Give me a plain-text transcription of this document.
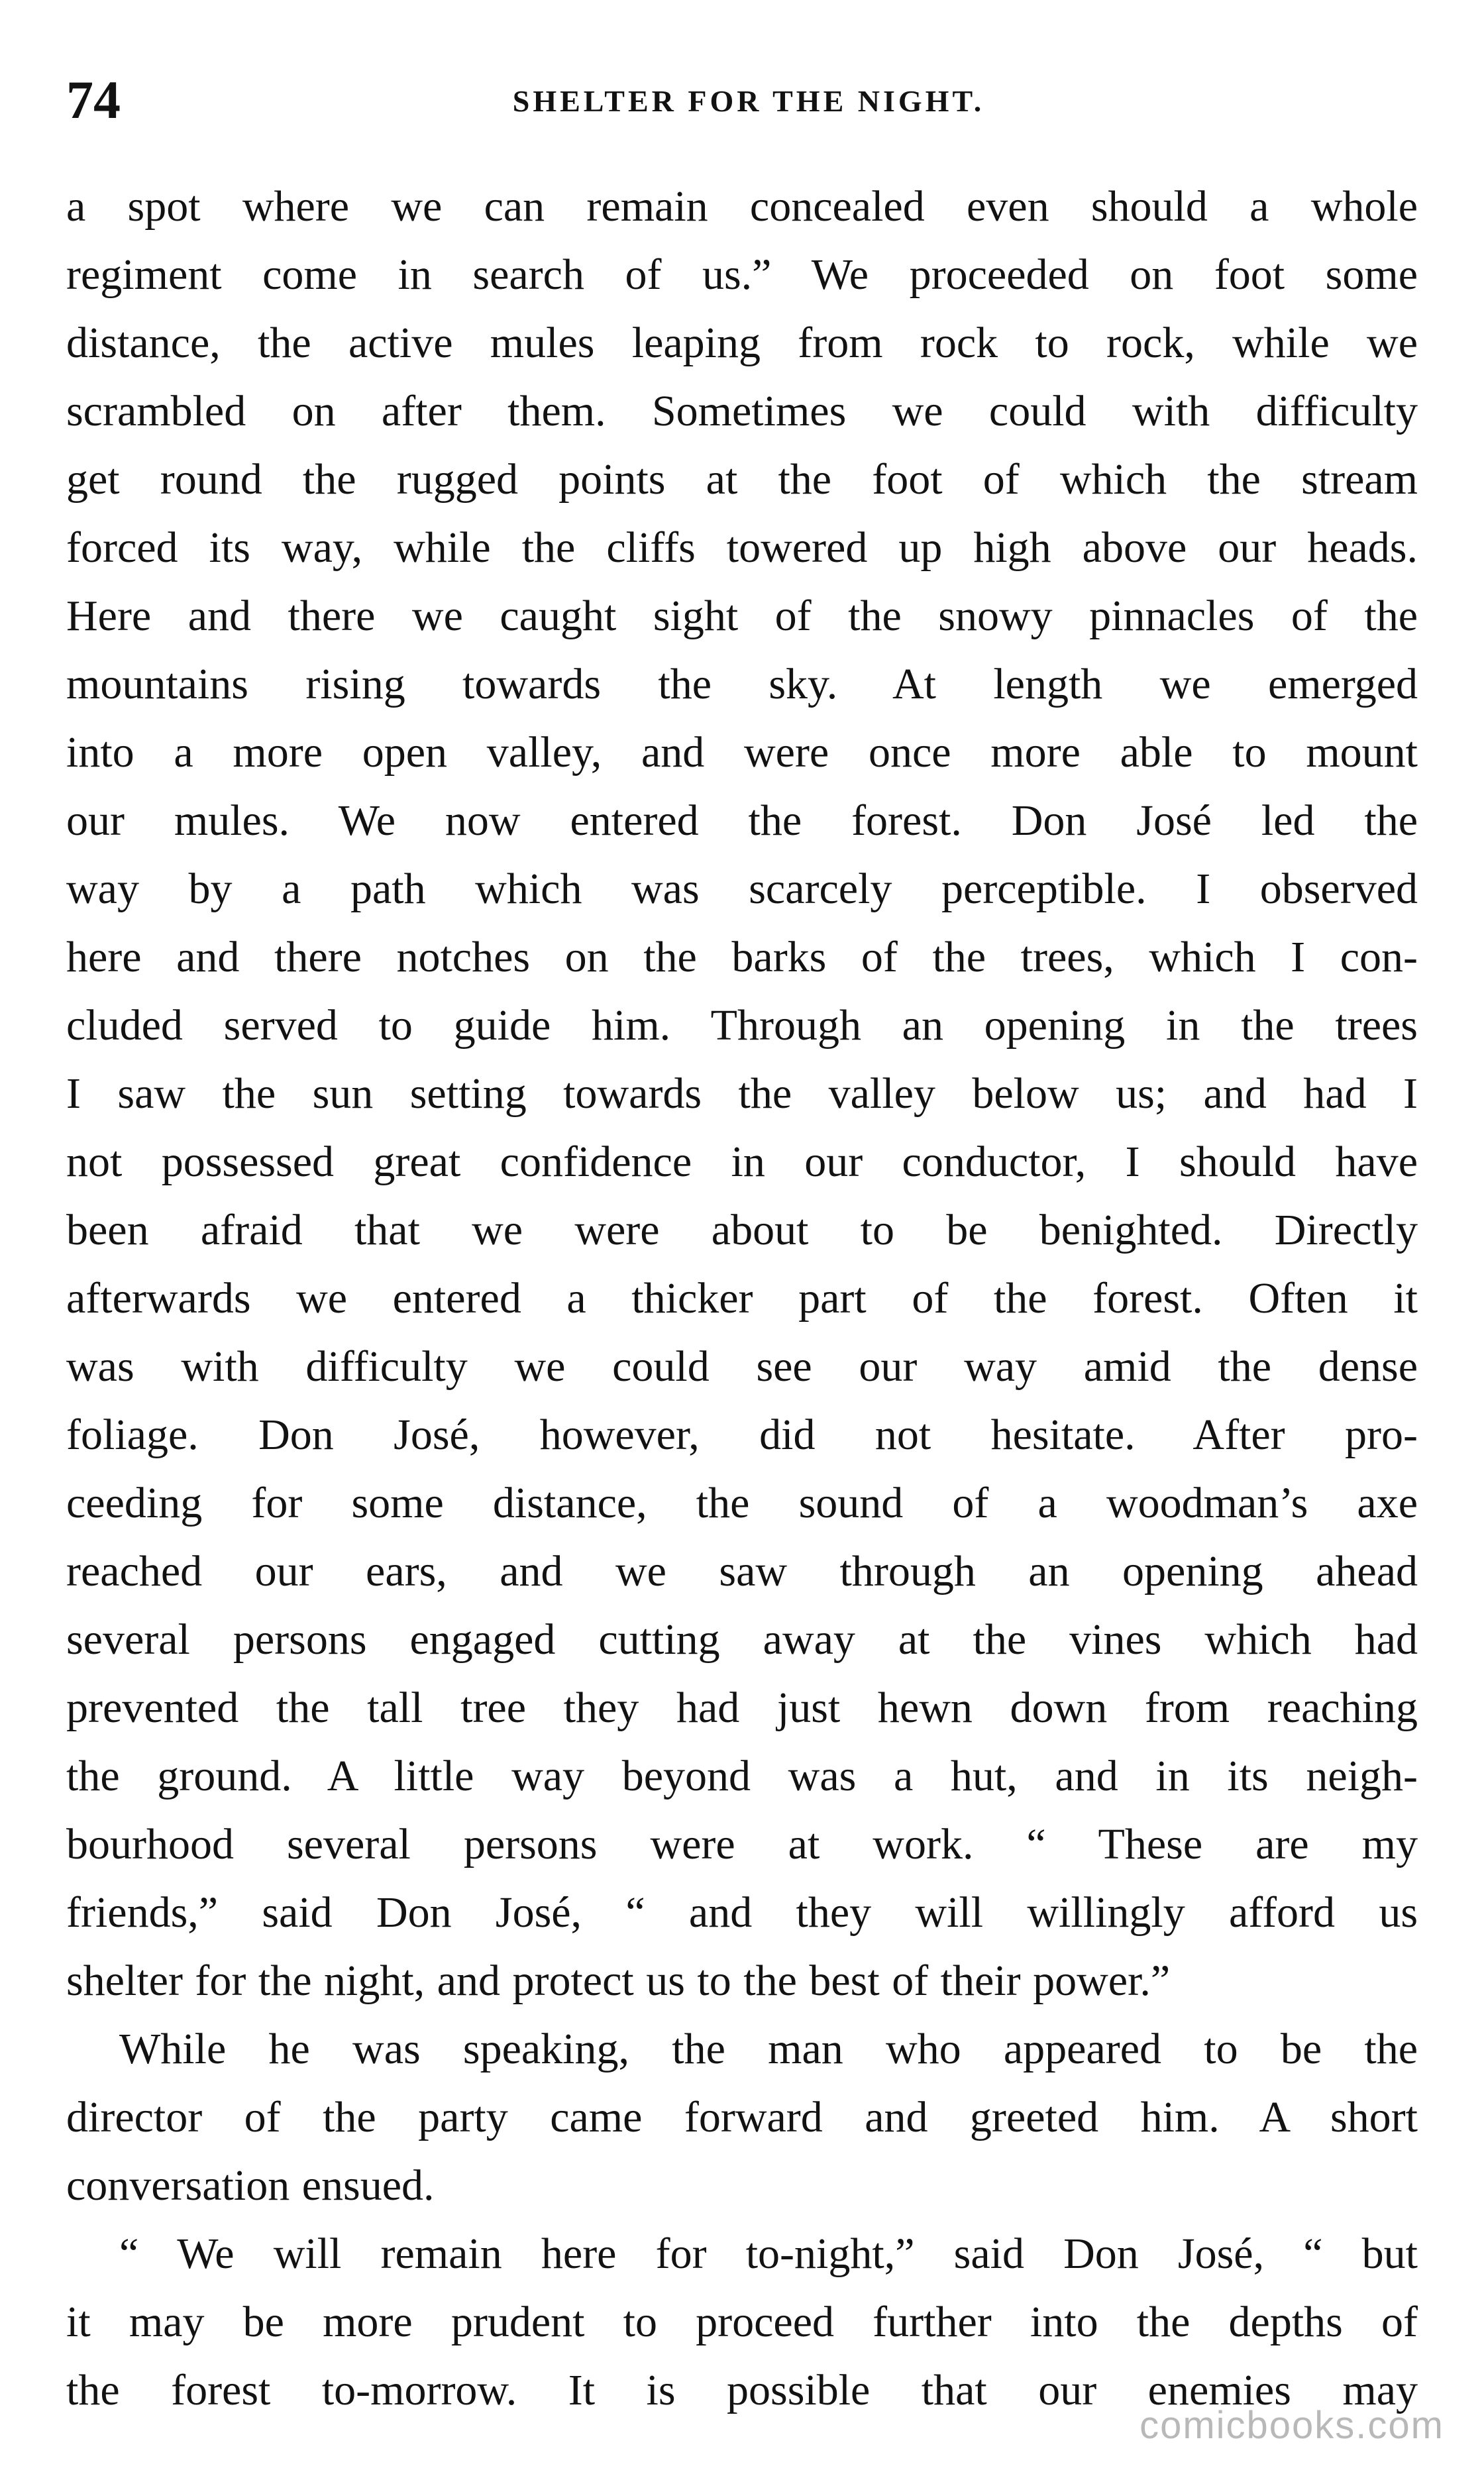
74	SHELTER FOR THE NIGHT.
a spot where we can remain concealed even should a whole
regiment come in search of us.” We proceeded on foot some
distance, the active mules leaping from rock to rock, while we
scrambled on after them. Sometimes we could with difficulty
get round the rugged points at the foot of which the stream
forced its way, while the cliffs towered up high above our heads.
Here and there we caught sight of the snowy pinnacles of the
mountains rising towards the sky. At length we emerged
into a more open valley, and were once more able to mount
our mules. We now entered the forest. Don José led the
way by a path which was scarcely perceptible. I observed
here and there notches on the barks of the trees, which I con-
cluded served to guide him. Through an opening in the trees
I saw the sun setting towards the valley below us; and had I
not possessed great confidence in our conductor, I should have
been afraid that we were about to be benighted. Directly
afterwards we entered a thicker part of the forest. Often it
was with difficulty we could see our way amid the dense
foliage. Don José, however, did not hesitate. After pro-
ceeding for some distance, the sound of a woodman’s axe
reached our ears, and we saw through an opening ahead
several persons engaged cutting away at the vines which had
prevented the tall tree they had just hewn down from reaching
the ground. A little way beyond was a hut, and in its neigh-
bourhood several persons were at work. “ These are my
friends,” said Don José, “ and they will willingly afford us
shelter for the night, and protect us to the best of their power.”
While he was speaking, the man who appeared to be the
director of the party came forward and greeted him. A short
conversation ensued.
“ We will remain here for to-night,” said Don José, “ but
it may be more prudent to proceed further into the depths of
the forest to-morrow. It is possible that our enemies may
comicbooks.com
